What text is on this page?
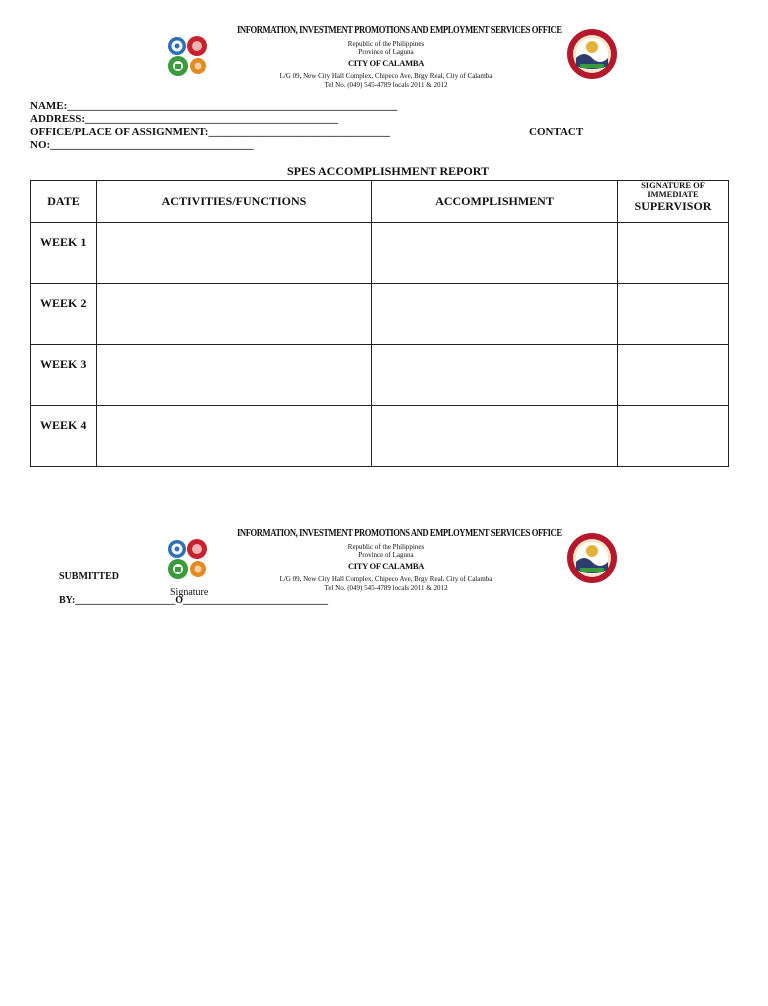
INFORMATION, INVESTMENT PROMOTIONS AND EMPLOYMENT SERVICES OFFICE
Republic of the Philippines
Province of Laguna
CITY OF CALAMBA
L/G 09, New City Hall Complex, Chipeco Ave, Brgy Real, City of Calamba
Tel No. (049) 545-4789 locals 2011 & 2012
NAME:____________________________________________________________
ADDRESS:______________________________________________
OFFICE/PLACE OF ASSIGNMENT:_________________________________	CONTACT
NO:_____________________________________
SPES ACCOMPLISHMENT REPORT
DATE	ACTIVITIES/FUNCTIONS	ACCOMPLISHMENT	SIGNATURE OF IMMEDIATE
SUPERVISOR

WEEK 1			
WEEK 2			
WEEK 3			
WEEK 4			
INFORMATION, INVESTMENT PROMOTIONS AND EMPLOYMENT SERVICES OFFICE
Republic of the Philippines
Province of Laguna
CITY OF CALAMBA
L/G 09, New City Hall Complex, Chipeco Ave, Brgy Real, City of Calamba
Tel No. (049) 545-4789 locals 2011 & 2012
SUBMITTED
Signature
BY:____________________O_____________________________
